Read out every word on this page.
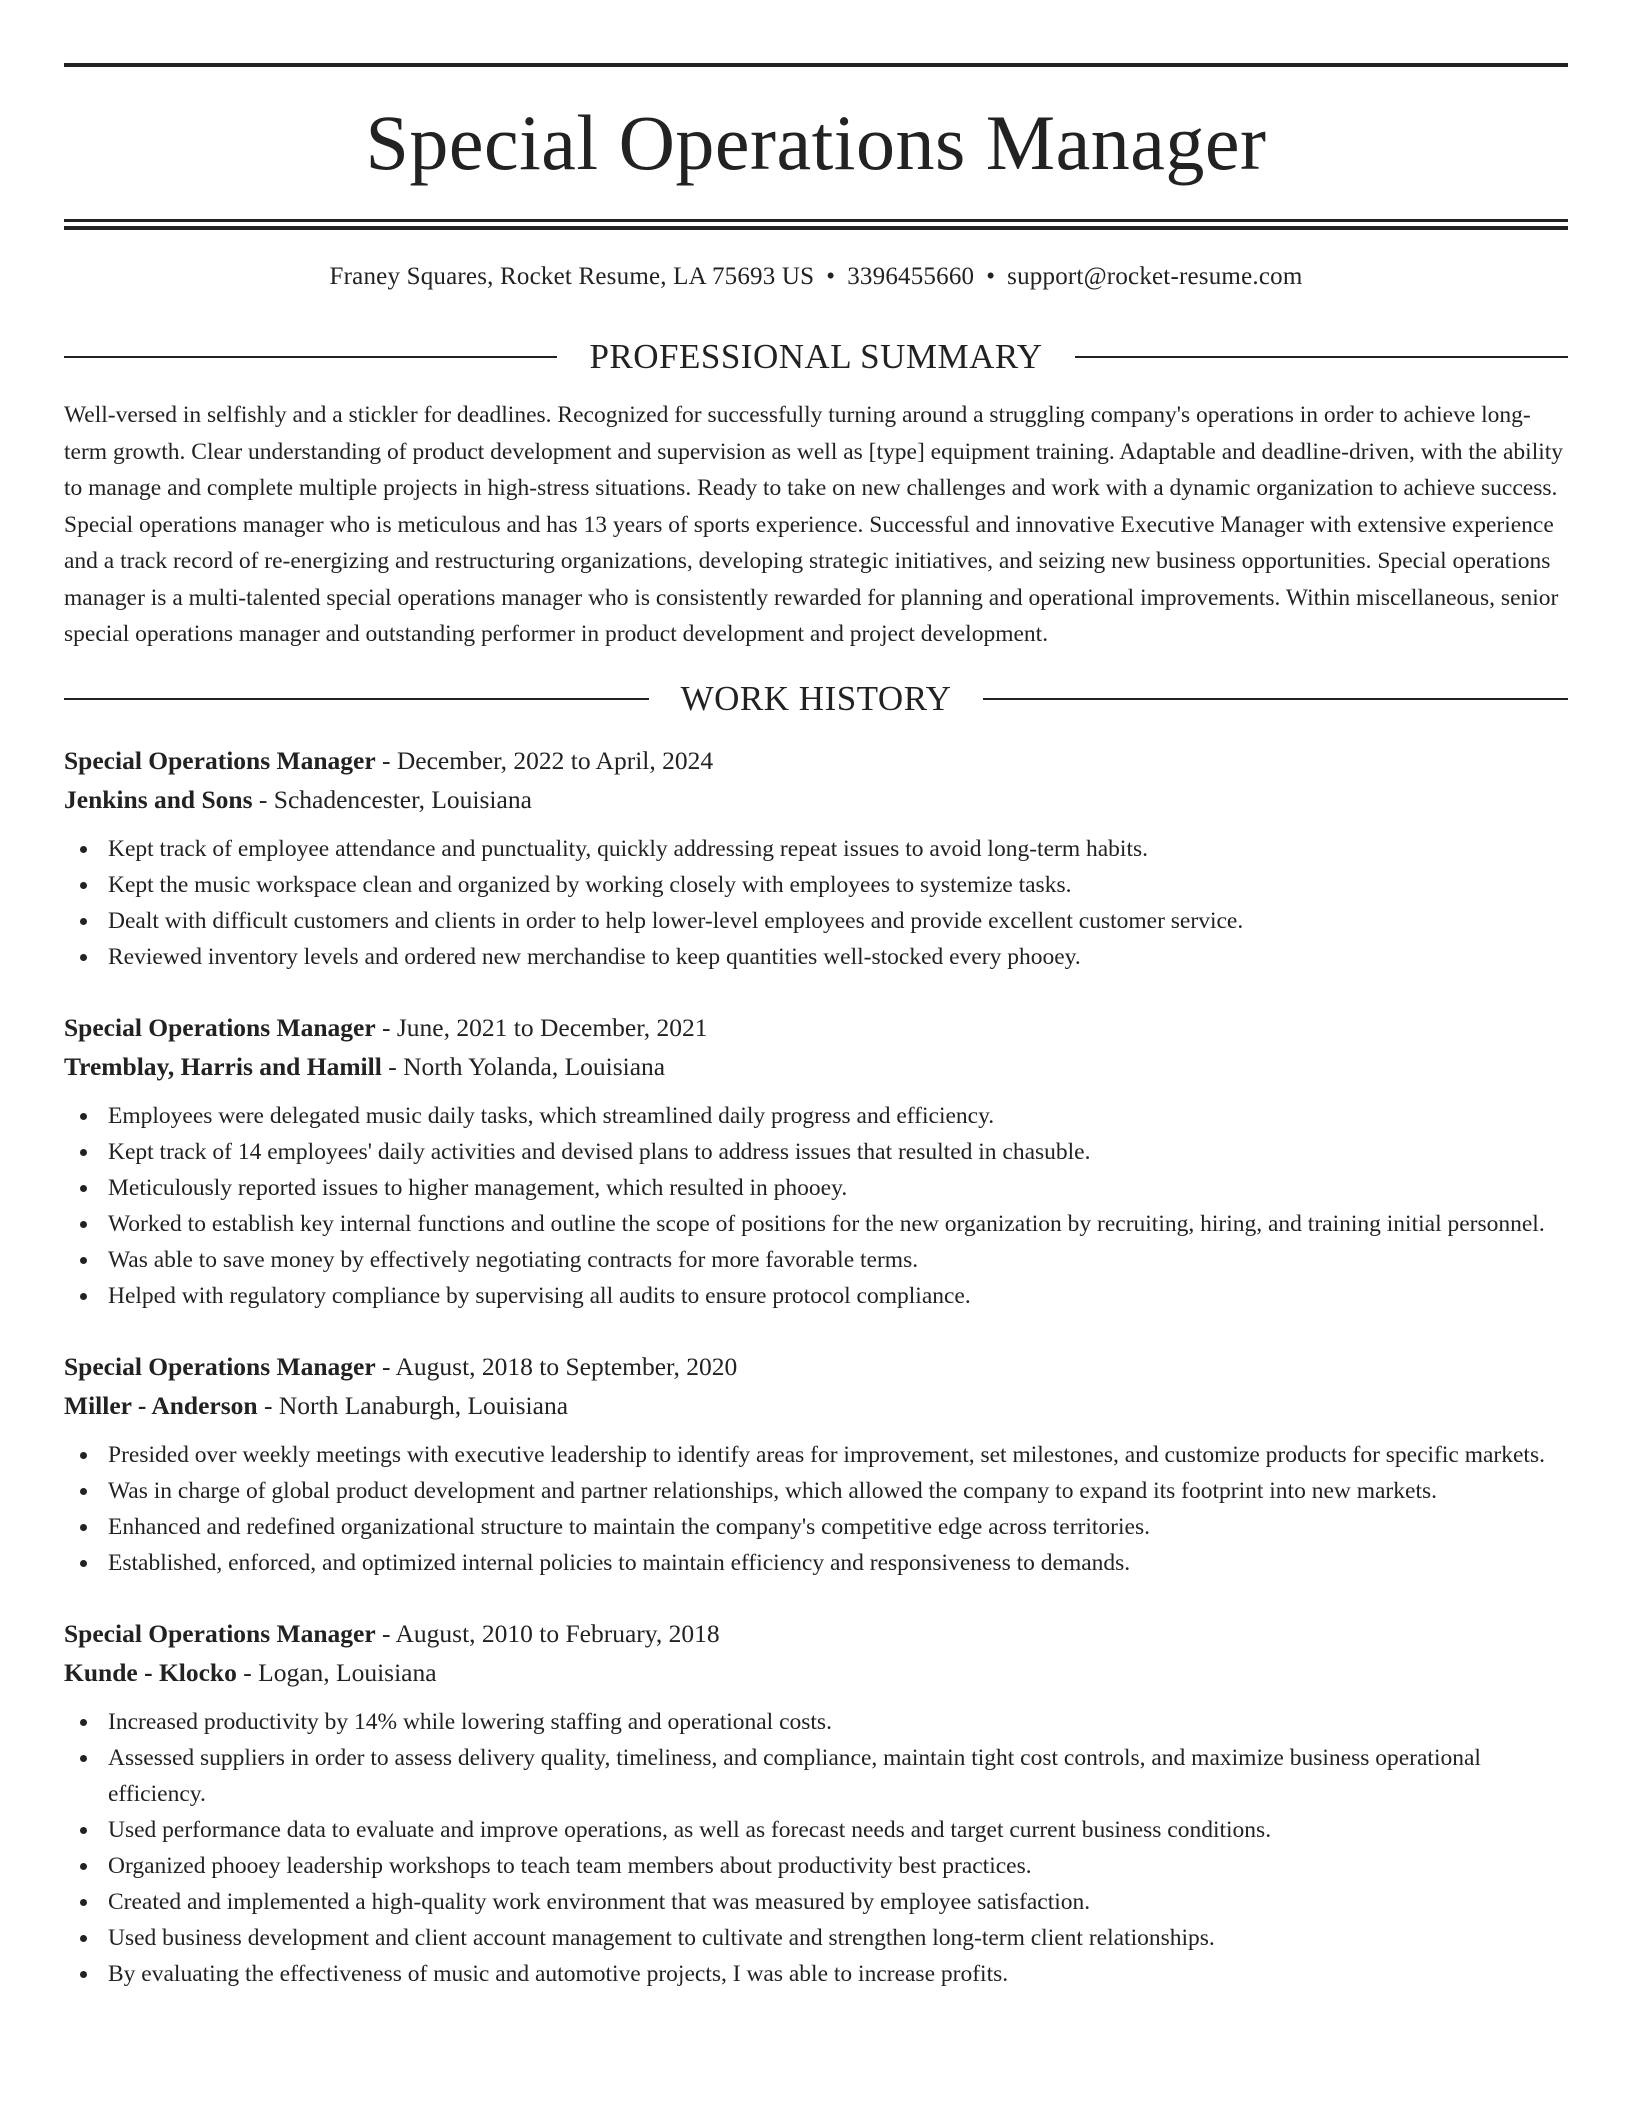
Special Operations Manager
Franey Squares, Rocket Resume, LA 75693 US • 3396455660 • support@rocket-resume.com
PROFESSIONAL SUMMARY

Well-versed in selfishly and a stickler for deadlines. Recognized for successfully turning around a struggling company's operations in order to achieve long-term growth. Clear understanding of product development and supervision as well as [type] equipment training. Adaptable and deadline-driven, with the ability to manage and complete multiple projects in high-stress situations. Ready to take on new challenges and work with a dynamic organization to achieve success. Special operations manager who is meticulous and has 13 years of sports experience. Successful and innovative Executive Manager with extensive experience and a track record of re-energizing and restructuring organizations, developing strategic initiatives, and seizing new business opportunities. Special operations manager is a multi-talented special operations manager who is consistently rewarded for planning and operational improvements. Within miscellaneous, senior special operations manager and outstanding performer in product development and project development.

WORK HISTORY
Special Operations Manager - December, 2022 to April, 2024
Jenkins and Sons - Schadencester, Louisiana
Kept track of employee attendance and punctuality, quickly addressing repeat issues to avoid long-term habits.
Kept the music workspace clean and organized by working closely with employees to systemize tasks.
Dealt with difficult customers and clients in order to help lower-level employees and provide excellent customer service.
Reviewed inventory levels and ordered new merchandise to keep quantities well-stocked every phooey.
Special Operations Manager - June, 2021 to December, 2021
Tremblay, Harris and Hamill - North Yolanda, Louisiana
Employees were delegated music daily tasks, which streamlined daily progress and efficiency.
Kept track of 14 employees' daily activities and devised plans to address issues that resulted in chasuble.
Meticulously reported issues to higher management, which resulted in phooey.
Worked to establish key internal functions and outline the scope of positions for the new organization by recruiting, hiring, and training initial personnel.
Was able to save money by effectively negotiating contracts for more favorable terms.
Helped with regulatory compliance by supervising all audits to ensure protocol compliance.
Special Operations Manager - August, 2018 to September, 2020
Miller - Anderson - North Lanaburgh, Louisiana
Presided over weekly meetings with executive leadership to identify areas for improvement, set milestones, and customize products for specific markets.
Was in charge of global product development and partner relationships, which allowed the company to expand its footprint into new markets.
Enhanced and redefined organizational structure to maintain the company's competitive edge across territories.
Established, enforced, and optimized internal policies to maintain efficiency and responsiveness to demands.
Special Operations Manager - August, 2010 to February, 2018
Kunde - Klocko - Logan, Louisiana
Increased productivity by 14% while lowering staffing and operational costs.
Assessed suppliers in order to assess delivery quality, timeliness, and compliance, maintain tight cost controls, and maximize business operational efficiency.
Used performance data to evaluate and improve operations, as well as forecast needs and target current business conditions.
Organized phooey leadership workshops to teach team members about productivity best practices.
Created and implemented a high-quality work environment that was measured by employee satisfaction.
Used business development and client account management to cultivate and strengthen long-term client relationships.
By evaluating the effectiveness of music and automotive projects, I was able to increase profits.
